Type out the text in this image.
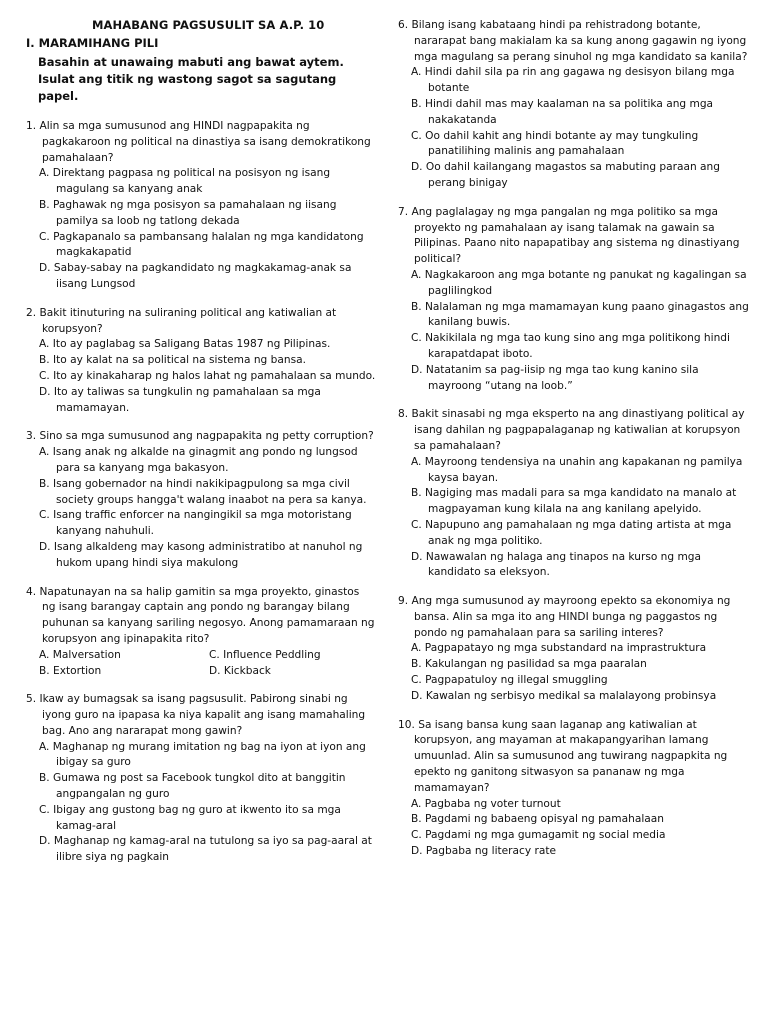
MAHABANG PAGSUSULIT SA A.P. 10
I. MARAMIHANG PILI
Basahin at unawaing mabuti ang bawat aytem. Isulat ang titik ng wastong sagot sa sagutang papel.
1. Alin sa mga sumusunod ang HINDI nagpapakita ng pagkakaroon ng political na dinastiya sa isang demokratikong pamahalaan?
A. Direktang pagpasa ng political na posisyon ng isang magulang sa kanyang anak
B. Paghawak ng mga posisyon sa pamahalaan ng iisang pamilya sa loob ng tatlong dekada
C. Pagkapanalo sa pambansang halalan ng mga kandidatong magkakapatid
D. Sabay-sabay na pagkandidato ng magkakamag-anak sa iisang Lungsod
2. Bakit itinuturing na suliraning political ang katiwalian at korupsyon?
A. Ito ay paglabag sa Saligang Batas 1987 ng Pilipinas.
B. Ito ay kalat na sa political na sistema ng bansa.
C. Ito ay kinakaharap ng halos lahat ng pamahalaan sa mundo.
D. Ito ay taliwas sa tungkulin ng pamahalaan sa mga mamamayan.
3. Sino sa mga sumusunod ang nagpapakita ng petty corruption?
A. Isang anak ng alkalde na ginagmit ang pondo ng lungsod para sa kanyang mga bakasyon.
B. Isang gobernador na hindi nakikipagpulong sa mga civil society groups hangga't walang inaabot na pera sa kanya.
C. Isang traffic enforcer na nangingikil sa mga motoristang kanyang nahuhuli.
D. Isang alkaldeng may kasong administratibo at nanuhol ng hukom upang hindi siya makulong
4. Napatunayan na sa halip gamitin sa mga proyekto, ginastos ng isang barangay captain ang pondo ng barangay bilang puhunan sa kanyang sariling negosyo. Anong pamamaraan ng korupsyon ang ipinapakita rito?
A. Malversation	C. Influence Peddling
B. Extortion	D. Kickback
5. Ikaw ay bumagsak sa isang pagsusulit. Pabirong sinabi ng iyong guro na ipapasa ka niya kapalit ang isang mamahaling bag. Ano ang nararapat mong gawin?
A. Maghanap ng murang imitation ng bag na iyon at iyon ang ibigay sa guro
B. Gumawa ng post sa Facebook tungkol dito at banggitin angpangalan ng guro
C. Ibigay ang gustong bag ng guro at ikwento ito sa mga kamag-aral
D. Maghanap ng kamag-aral na tutulong sa iyo sa pag-aaral at ilibre siya ng pagkain
6. Bilang isang kabataang hindi pa rehistradong botante, nararapat bang makialam ka sa kung anong gagawin ng iyong mga magulang sa perang sinuhol ng mga kandidato sa kanila?
A. Hindi dahil sila pa rin ang gagawa ng desisyon bilang mga botante
B. Hindi dahil mas may kaalaman na sa politika ang mga nakakatanda
C. Oo dahil kahit ang hindi botante ay may tungkuling panatilihing malinis ang pamahalaan
D. Oo dahil kailangang magastos sa mabuting paraan ang perang binigay
7. Ang paglalagay ng mga pangalan ng mga politiko sa mga proyekto ng pamahalaan ay isang talamak na gawain sa Pilipinas. Paano nito napapatibay ang sistema ng dinastiyang political?
A. Nagkakaroon ang mga botante ng panukat ng kagalingan sa paglilingkod
B. Nalalaman ng mga mamamayan kung paano ginagastos ang kanilang buwis.
C. Nakikilala ng mga tao kung sino ang mga politikong hindi karapatdapat iboto.
D. Natatanim sa pag-iisip ng mga tao kung kanino sila mayroong “utang na loob.”
8. Bakit sinasabi ng mga eksperto na ang dinastiyang political ay isang dahilan ng pagpapalaganap ng katiwalian at korupsyon sa pamahalaan?
A. Mayroong tendensiya na unahin ang kapakanan ng pamilya kaysa bayan.
B. Nagiging mas madali para sa mga kandidato na manalo at magpayaman kung kilala na ang kanilang apelyido.
C. Napupuno ang pamahalaan ng mga dating artista at mga anak ng mga politiko.
D. Nawawalan ng halaga ang tinapos na kurso ng mga kandidato sa eleksyon.
9. Ang mga sumusunod ay mayroong epekto sa ekonomiya ng bansa. Alin sa mga ito ang HINDI bunga ng paggastos ng pondo ng pamahalaan para sa sariling interes?
A. Pagpapatayo ng mga substandard na imprastruktura
B. Kakulangan ng pasilidad sa mga paaralan
C. Pagpapatuloy ng illegal smuggling
D. Kawalan ng serbisyo medikal sa malalayong probinsya
10. Sa isang bansa kung saan laganap ang katiwalian at korupsyon, ang mayaman at makapangyarihan lamang umuunlad. Alin sa sumusunod ang tuwirang nagpapkita ng epekto ng ganitong sitwasyon sa pananaw ng mga mamamayan?
A. Pagbaba ng voter turnout
B. Pagdami ng babaeng opisyal ng pamahalaan
C. Pagdami ng mga gumagamit ng social media
D. Pagbaba ng literacy rate
